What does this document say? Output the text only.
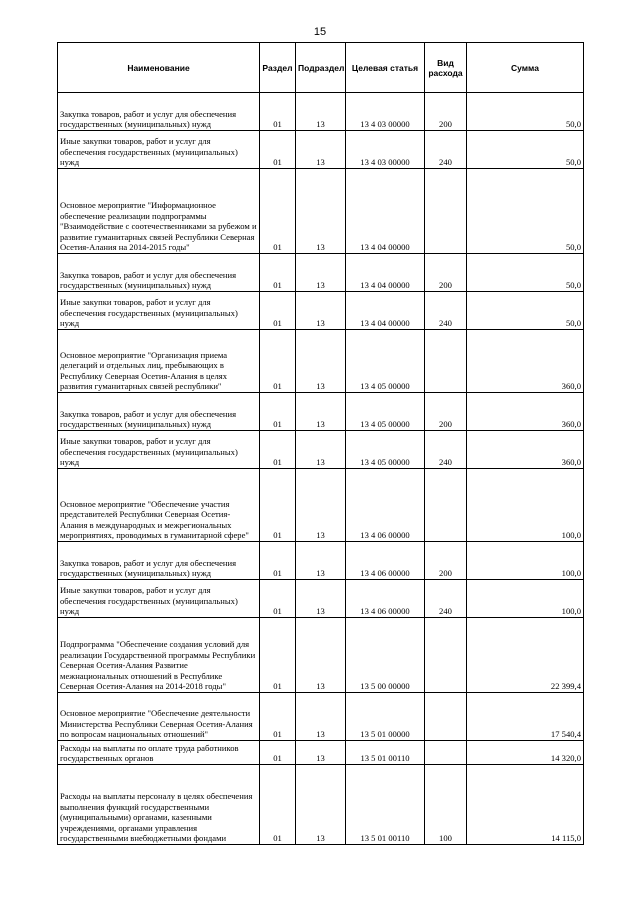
15
Наименование	Раздел	Подраздел	Целевая статья	Вид расхода	Сумма
Закупка товаров, работ и услуг для обеспечения государственных (муниципальных) нужд	01	13	13 4 03 00000	200	50,0
Иные закупки товаров, работ и услуг для обеспечения государственных (муниципальных) нужд	01	13	13 4 03 00000	240	50,0
Основное мероприятие "Информационное обеспечение реализации подпрограммы "Взаимодействие с соотечественниками за рубежом и развитие гуманитарных связей Республики Северная Осетия-Алания на 2014-2015 годы"	01	13	13 4 04 00000		50,0
Закупка товаров, работ и услуг для обеспечения государственных (муниципальных) нужд	01	13	13 4 04 00000	200	50,0
Иные закупки товаров, работ и услуг для обеспечения государственных (муниципальных) нужд	01	13	13 4 04 00000	240	50,0
Основное мероприятие "Организация приема делегаций и отдельных лиц, пребывающих в Республику Северная Осетия-Алания в целях развития гуманитарных связей республики"	01	13	13 4 05 00000		360,0
Закупка товаров, работ и услуг для обеспечения государственных (муниципальных) нужд	01	13	13 4 05 00000	200	360,0
Иные закупки товаров, работ и услуг для обеспечения государственных (муниципальных) нужд	01	13	13 4 05 00000	240	360,0
Основное мероприятие "Обеспечение участия представителей Республики Северная Осетия-Алания в международных и межрегиональных мероприятиях, проводимых в гуманитарной сфере"	01	13	13 4 06 00000		100,0
Закупка товаров, работ и услуг для обеспечения государственных (муниципальных) нужд	01	13	13 4 06 00000	200	100,0
Иные закупки товаров, работ и услуг для обеспечения государственных (муниципальных) нужд	01	13	13 4 06 00000	240	100,0
Подпрограмма "Обеспечение создания условий для реализации Государственной программы Республики Северная Осетия-Алания Развитие межнациональных отношений в Республике Северная Осетия-Алания на 2014-2018 годы"	01	13	13 5 00 00000		22 399,4
Основное мероприятие "Обеспечение деятельности Министерства Республики Северная Осетия-Алания по вопросам национальных отношений"	01	13	13 5 01 00000		17 540,4
Расходы на выплаты по оплате труда работников государственных органов	01	13	13 5 01 00110		14 320,0
Расходы на выплаты персоналу в целях обеспечения выполнения функций государственными (муниципальными) органами, казенными учреждениями, органами управления государственными внебюджетными фондами	01	13	13 5 01 00110	100	14 115,0
